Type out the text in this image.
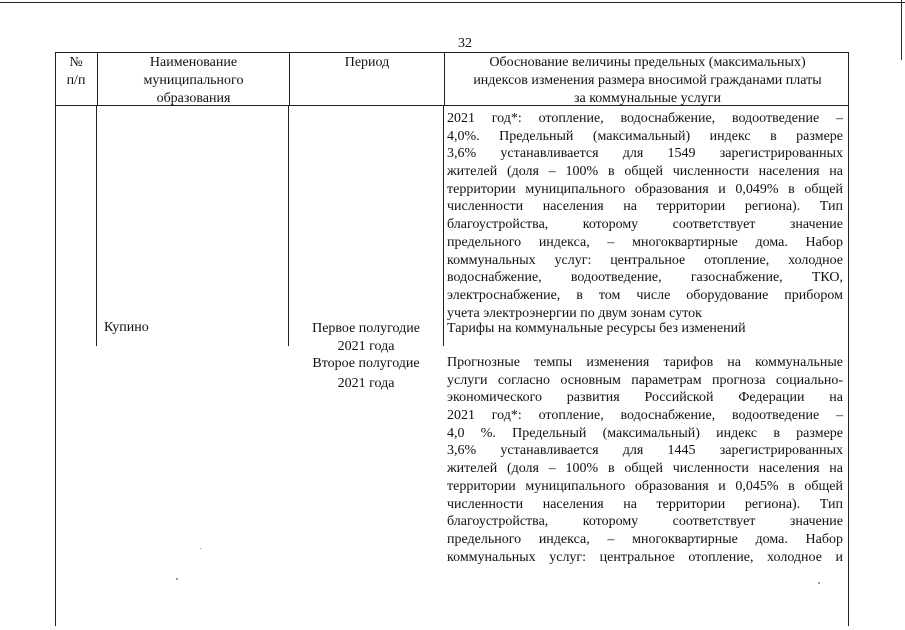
32
№
п/п
Наименование
муниципального
образования
Период	Обоснование величины предельных (максимальных)
индексов изменения размера вносимой гражданами платы
за коммунальные услуги
2021 год*: отопление, водоснабжение, водоотведение –
4,0%. Предельный (максимальный) индекс в размере
3,6% устанавливается для 1549 зарегистрированных
жителей (доля – 100% в общей численности населения на
территории муниципального образования и 0,049% в общей
численности населения на территории региона). Тип
благоустройства, которому соответствует значение
предельного индекса, – многоквартирные дома. Набор
коммунальных услуг: центральное отопление, холодное
водоснабжение, водоотведение, газоснабжение, ТКО,
электроснабжение, в том числе оборудование прибором
учета электроэнергии по двум зонам суток
Купино	Первое полугодие
2021 года
Тарифы на коммунальные ресурсы без изменений
Второе полугодие
2021 года
Прогнозные темпы изменения тарифов на коммунальные
услуги согласно основным параметрам прогноза социально-
экономического развития Российской Федерации на
2021 год*: отопление, водоснабжение, водоотведение –
4,0 %. Предельный (максимальный) индекс в размере
3,6% устанавливается для 1445 зарегистрированных
жителей (доля – 100% в общей численности населения на
территории муниципального образования и 0,045% в общей
численности населения на территории региона). Тип
благоустройства, которому соответствует значение
предельного индекса, – многоквартирные дома. Набор
коммунальных услуг: центральное отопление, холодное и
